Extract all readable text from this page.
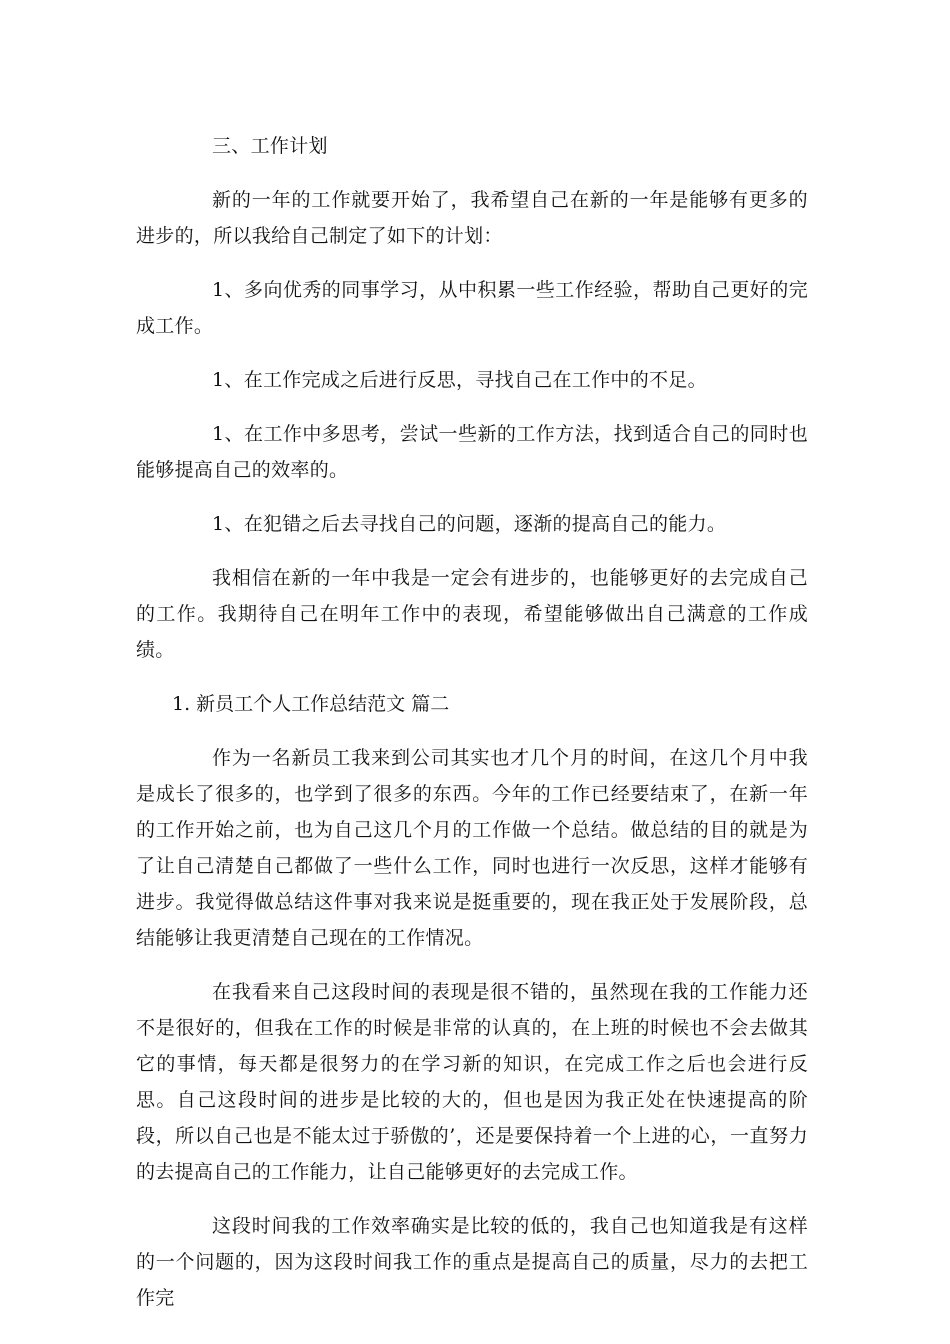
三、工作计划

新的一年的工作就要开始了，我希望自己在新的一年是能够有更多的进步的，所以我给自己制定了如下的计划：

1、多向优秀的同事学习，从中积累一些工作经验，帮助自己更好的完成工作。

1、在工作完成之后进行反思，寻找自己在工作中的不足。

1、在工作中多思考，尝试一些新的工作方法，找到适合自己的同时也能够提高自己的效率的。

1、在犯错之后去寻找自己的问题，逐渐的提高自己的能力。

我相信在新的一年中我是一定会有进步的，也能够更好的去完成自己的工作。我期待自己在明年工作中的表现，希望能够做出自己满意的工作成绩。

1. 新员工个人工作总结范文 篇二

作为一名新员工我来到公司其实也才几个月的时间，在这几个月中我是成长了很多的，也学到了很多的东西。今年的工作已经要结束了，在新一年的工作开始之前，也为自己这几个月的工作做一个总结。做总结的目的就是为了让自己清楚自己都做了一些什么工作，同时也进行一次反思，这样才能够有进步。我觉得做总结这件事对我来说是挺重要的，现在我正处于发展阶段，总结能够让我更清楚自己现在的工作情况。

在我看来自己这段时间的表现是很不错的，虽然现在我的工作能力还不是很好的，但我在工作的时候是非常的认真的，在上班的时候也不会去做其它的事情，每天都是很努力的在学习新的知识，在完成工作之后也会进行反思。自己这段时间的进步是比较的大的，但也是因为我正处在快速提高的阶段，所以自己也是不能太过于骄傲的’，还是要保持着一个上进的心，一直努力的去提高自己的工作能力，让自己能够更好的去完成工作。

这段时间我的工作效率确实是比较的低的，我自己也知道我是有这样的一个问题的，因为这段时间我工作的重点是提高自己的质量，尽力的去把工作完
